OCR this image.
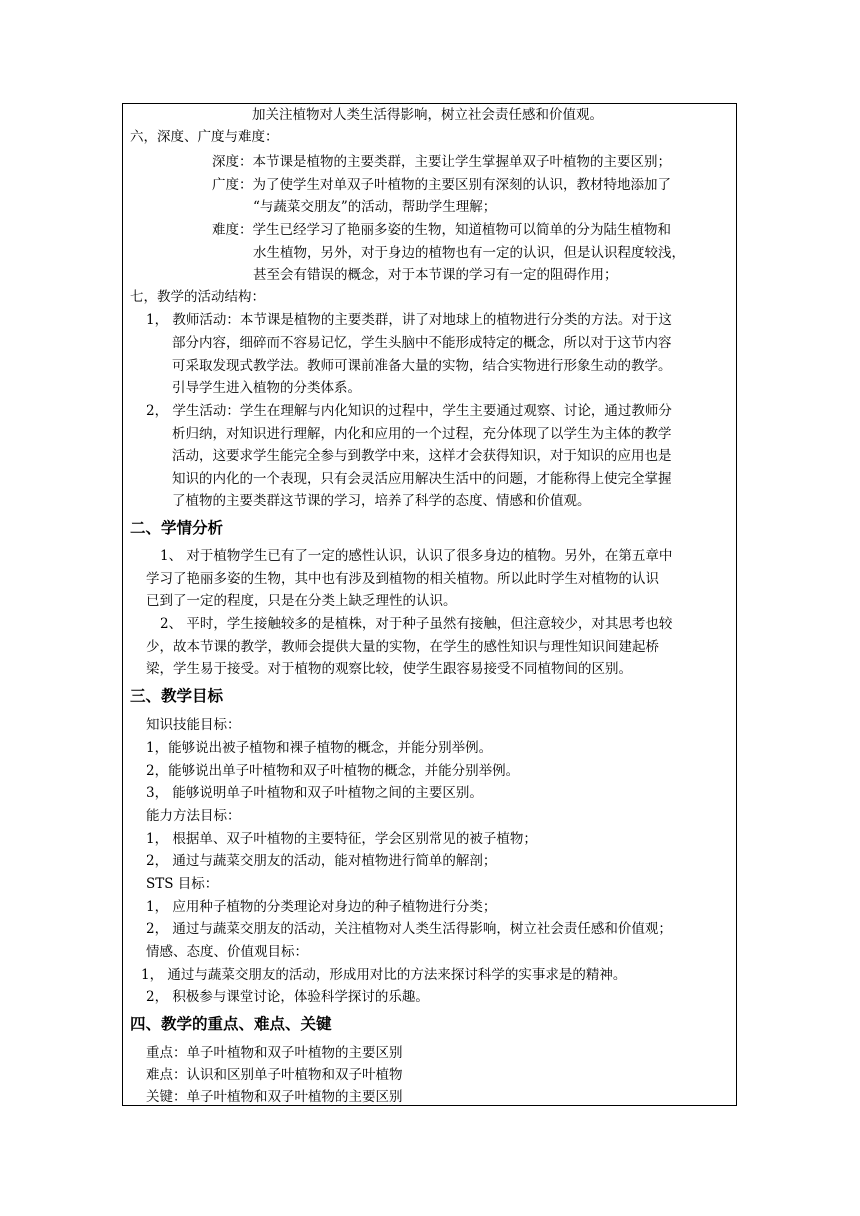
加关注植物对人类生活得影响，树立社会责任感和价值观。
六，深度、广度与难度：
深度：本节课是植物的主要类群，主要让学生掌握单双子叶植物的主要区别；
广度：为了使学生对单双子叶植物的主要区别有深刻的认识，教材特地添加了
“与蔬菜交朋友”的活动，帮助学生理解；
难度：学生已经学习了艳丽多姿的生物，知道植物可以简单的分为陆生植物和
水生植物，另外，对于身边的植物也有一定的认识，但是认识程度较浅，
甚至会有错误的概念，对于本节课的学习有一定的阻碍作用；
七，教学的活动结构：
1， 教师活动：本节课是植物的主要类群，讲了对地球上的植物进行分类的方法。对于这
部分内容，细碎而不容易记忆，学生头脑中不能形成特定的概念，所以对于这节内容
可采取发现式教学法。教师可课前准备大量的实物，结合实物进行形象生动的教学。
引导学生进入植物的分类体系。
2， 学生活动：学生在理解与内化知识的过程中，学生主要通过观察、讨论，通过教师分
析归纳，对知识进行理解，内化和应用的一个过程，充分体现了以学生为主体的教学
活动，这要求学生能完全参与到教学中来，这样才会获得知识，对于知识的应用也是
知识的内化的一个表现，只有会灵活应用解决生活中的问题，才能称得上使完全掌握
了植物的主要类群这节课的学习，培养了科学的态度、情感和价值观。
二、学情分析
1、 对于植物学生已有了一定的感性认识，认识了很多身边的植物。另外，在第五章中
学习了艳丽多姿的生物，其中也有涉及到植物的相关植物。所以此时学生对植物的认识
已到了一定的程度，只是在分类上缺乏理性的认识。
2、 平时，学生接触较多的是植株，对于种子虽然有接触，但注意较少，对其思考也较
少，故本节课的教学，教师会提供大量的实物，在学生的感性知识与理性知识间建起桥
梁，学生易于接受。对于植物的观察比较，使学生跟容易接受不同植物间的区别。
三、教学目标
知识技能目标：
1，能够说出被子植物和裸子植物的概念，并能分别举例。
2，能够说出单子叶植物和双子叶植物的概念，并能分别举例。
3， 能够说明单子叶植物和双子叶植物之间的主要区别。
能力方法目标：
1， 根据单、双子叶植物的主要特征，学会区别常见的被子植物；
2， 通过与蔬菜交朋友的活动，能对植物进行简单的解剖；
STS 目标：
1， 应用种子植物的分类理论对身边的种子植物进行分类；
2， 通过与蔬菜交朋友的活动，关注植物对人类生活得影响，树立社会责任感和价值观；
情感、态度、价值观目标：
1， 通过与蔬菜交朋友的活动，形成用对比的方法来探讨科学的实事求是的精神。
2， 积极参与课堂讨论，体验科学探讨的乐趣。
四、教学的重点、难点、关键
重点：单子叶植物和双子叶植物的主要区别
难点：认识和区别单子叶植物和双子叶植物
关键：单子叶植物和双子叶植物的主要区别
